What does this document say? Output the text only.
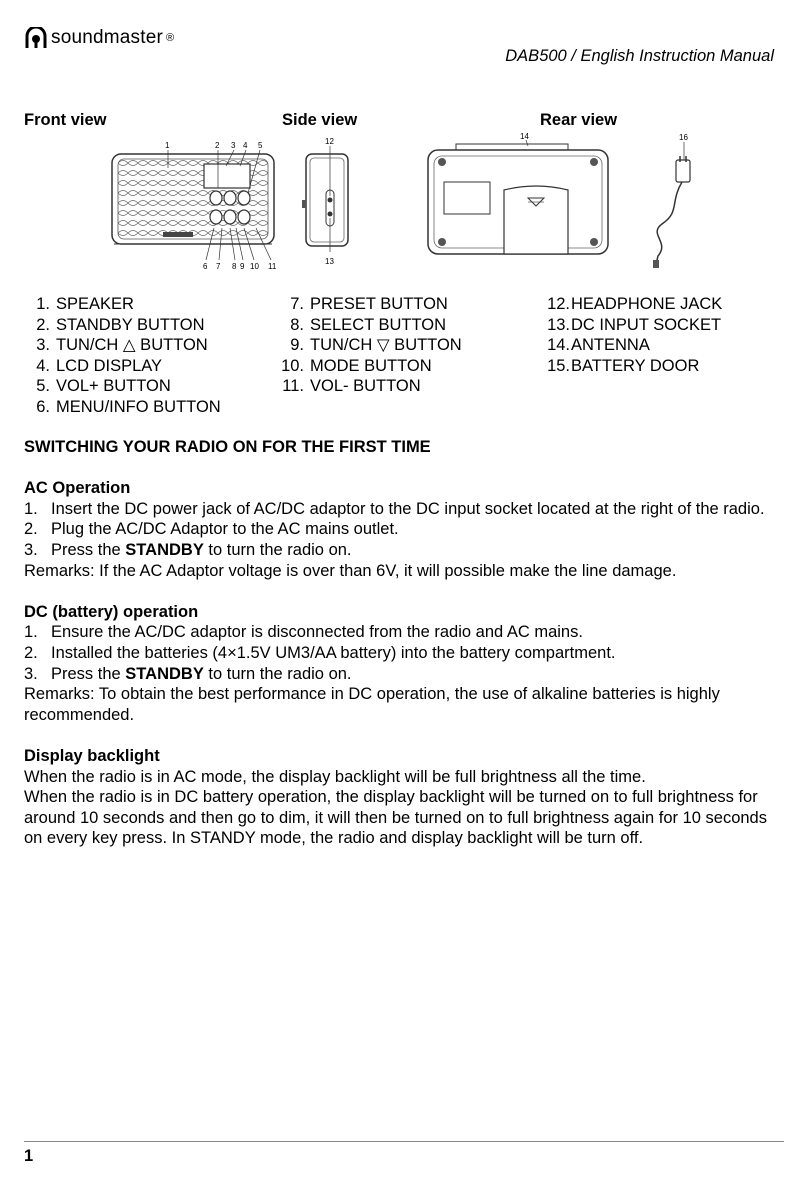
soundmaster ®
DAB500 / English Instruction Manual
Front view	Side view	Rear view
1	2 3 4 5
6 7 8 9 10 11
12
13
14	16
1. SPEAKER
2. STANDBY BUTTON
3. TUN/CH △ BUTTON
4. LCD DISPLAY
5. VOL+ BUTTON
6. MENU/INFO BUTTON
7. PRESET BUTTON
8. SELECT BUTTON
9. TUN/CH ▽ BUTTON
10. MODE BUTTON
11. VOL- BUTTON
12. HEADPHONE JACK
13. DC INPUT SOCKET
14. ANTENNA
15. BATTERY DOOR

SWITCHING YOUR RADIO ON FOR THE FIRST TIME

AC Operation

1. Insert the DC power jack of AC/DC adaptor to the DC input socket located at the right of the radio.
2. Plug the AC/DC Adaptor to the AC mains outlet.
3. Press the STANDBY to turn the radio on.

Remarks: If the AC Adaptor voltage is over than 6V, it will possible make the line damage.

DC (battery) operation

1. Ensure the AC/DC adaptor is disconnected from the radio and AC mains.
2. Installed the batteries (4×1.5V UM3/AA battery) into the battery compartment.
3. Press the STANDBY to turn the radio on.

Remarks: To obtain the best performance in DC operation, the use of alkaline batteries is highly recommended.

Display backlight

When the radio is in AC mode, the display backlight will be full brightness all the time.

When the radio is in DC battery operation, the display backlight will be turned on to full brightness for around 10 seconds and then go to dim, it will then be turned on to full brightness again for 10 seconds on every key press. In STANDY mode, the radio and display backlight will be turn off.

1
